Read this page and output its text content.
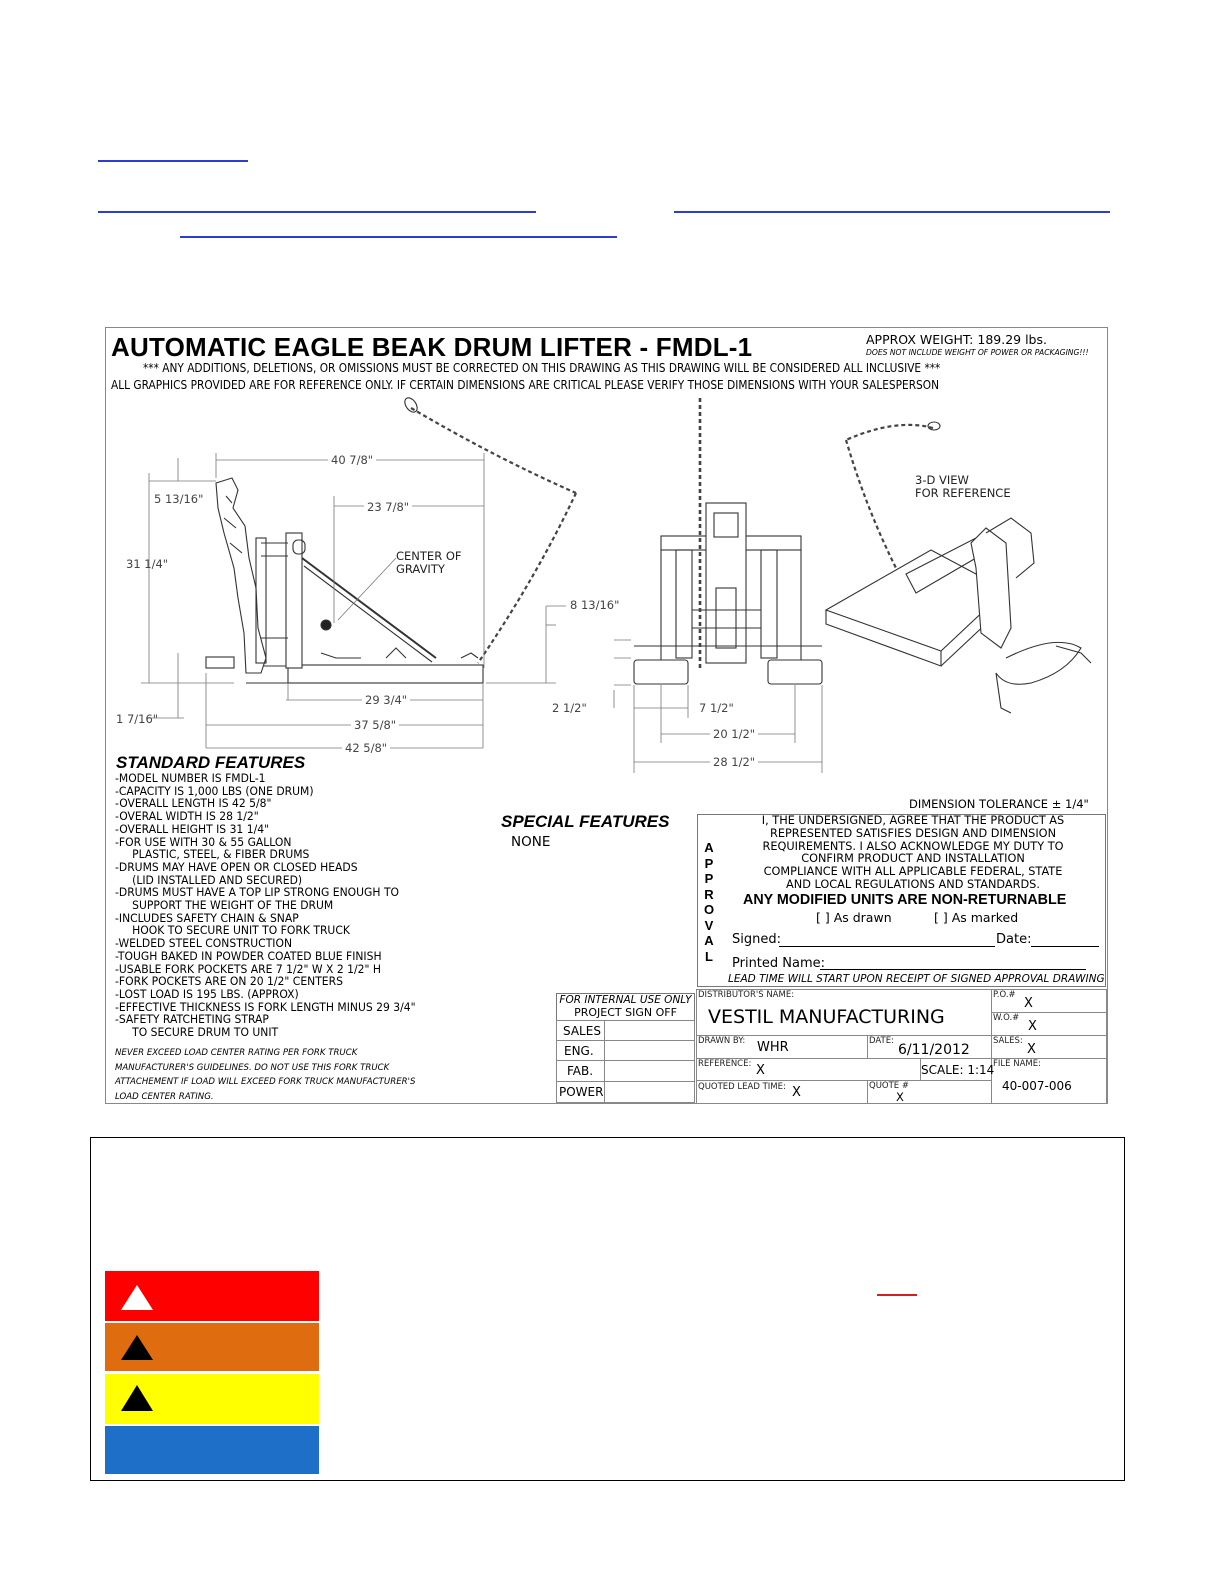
AUTOMATIC EAGLE BEAK DRUM LIFTER - FMDL-1	APPROX WEIGHT: 189.29 lbs.
DOES NOT INCLUDE WEIGHT OF POWER OR PACKAGING!!!
*** ANY ADDITIONS, DELETIONS, OR OMISSIONS MUST BE CORRECTED ON THIS DRAWING AS THIS DRAWING WILL BE CONSIDERED ALL INCLUSIVE ***
ALL GRAPHICS PROVIDED ARE FOR REFERENCE ONLY. IF CERTAIN DIMENSIONS ARE CRITICAL PLEASE VERIFY THOSE DIMENSIONS WITH YOUR SALESPERSON
40 7/8"
23 7/8"
5 13/16"
31 1/4"
8 13/16"
29 3/4"
37 5/8"
42 5/8"
1 7/16"
2 1/2"	7 1/2"
20 1/2"
28 1/2"
CENTER OF
GRAVITY
3-D VIEW
FOR REFERENCE
STANDARD FEATURES
-MODEL NUMBER IS FMDL-1
-CAPACITY IS 1,000 LBS (ONE DRUM)
-OVERALL LENGTH IS 42 5/8"
-OVERAL WIDTH IS 28 1/2"
-OVERALL HEIGHT IS 31 1/4"
-FOR USE WITH 30 & 55 GALLON
PLASTIC, STEEL, & FIBER DRUMS
-DRUMS MAY HAVE OPEN OR CLOSED HEADS
(LID INSTALLED AND SECURED)
-DRUMS MUST HAVE A TOP LIP STRONG ENOUGH TO
SUPPORT THE WEIGHT OF THE DRUM
-INCLUDES SAFETY CHAIN & SNAP
HOOK TO SECURE UNIT TO FORK TRUCK
-WELDED STEEL CONSTRUCTION
-TOUGH BAKED IN POWDER COATED BLUE FINISH
-USABLE FORK POCKETS ARE 7 1/2" W X 2 1/2" H
-FORK POCKETS ARE ON 20 1/2" CENTERS
-LOST LOAD IS 195 LBS. (APPROX)
-EFFECTIVE THICKNESS IS FORK LENGTH MINUS 29 3/4"
-SAFETY RATCHETING STRAP
TO SECURE DRUM TO UNIT
NEVER EXCEED LOAD CENTER RATING PER FORK TRUCK
MANUFACTURER'S GUIDELINES. DO NOT USE THIS FORK TRUCK
ATTACHEMENT IF LOAD WILL EXCEED FORK TRUCK MANUFACTURER'S
LOAD CENTER RATING.
SPECIAL FEATURES
NONE
DIMENSION TOLERANCE ± 1/4"
A
P
P
R
O
V
A
L
I, THE UNDERSIGNED, AGREE THAT THE PRODUCT AS
REPRESENTED SATISFIES DESIGN AND DIMENSION
REQUIREMENTS. I ALSO ACKNOWLEDGE MY DUTY TO
CONFIRM PRODUCT AND INSTALLATION
COMPLIANCE WITH ALL APPLICABLE FEDERAL, STATE
AND LOCAL REGULATIONS AND STANDARDS.
ANY MODIFIED UNITS ARE NON-RETURNABLE
[ ] As drawn	[ ] As marked
Signed:	Date:
Printed Name:
LEAD TIME WILL START UPON RECEIPT OF SIGNED APPROVAL DRAWING
FOR INTERNAL USE ONLY
PROJECT SIGN OFF
SALES
ENG.
FAB.
POWER
DISTRIBUTOR'S NAME:
VESTIL MANUFACTURING
P.O.#
X
W.O.#
X
DRAWN BY: WHR	DATE:
6/11/2012
SALES:
X
REFERENCE: X	SCALE: 1:14
FILE NAME:
40-007-006
QUOTED LEAD TIME: X	QUOTE #
X
